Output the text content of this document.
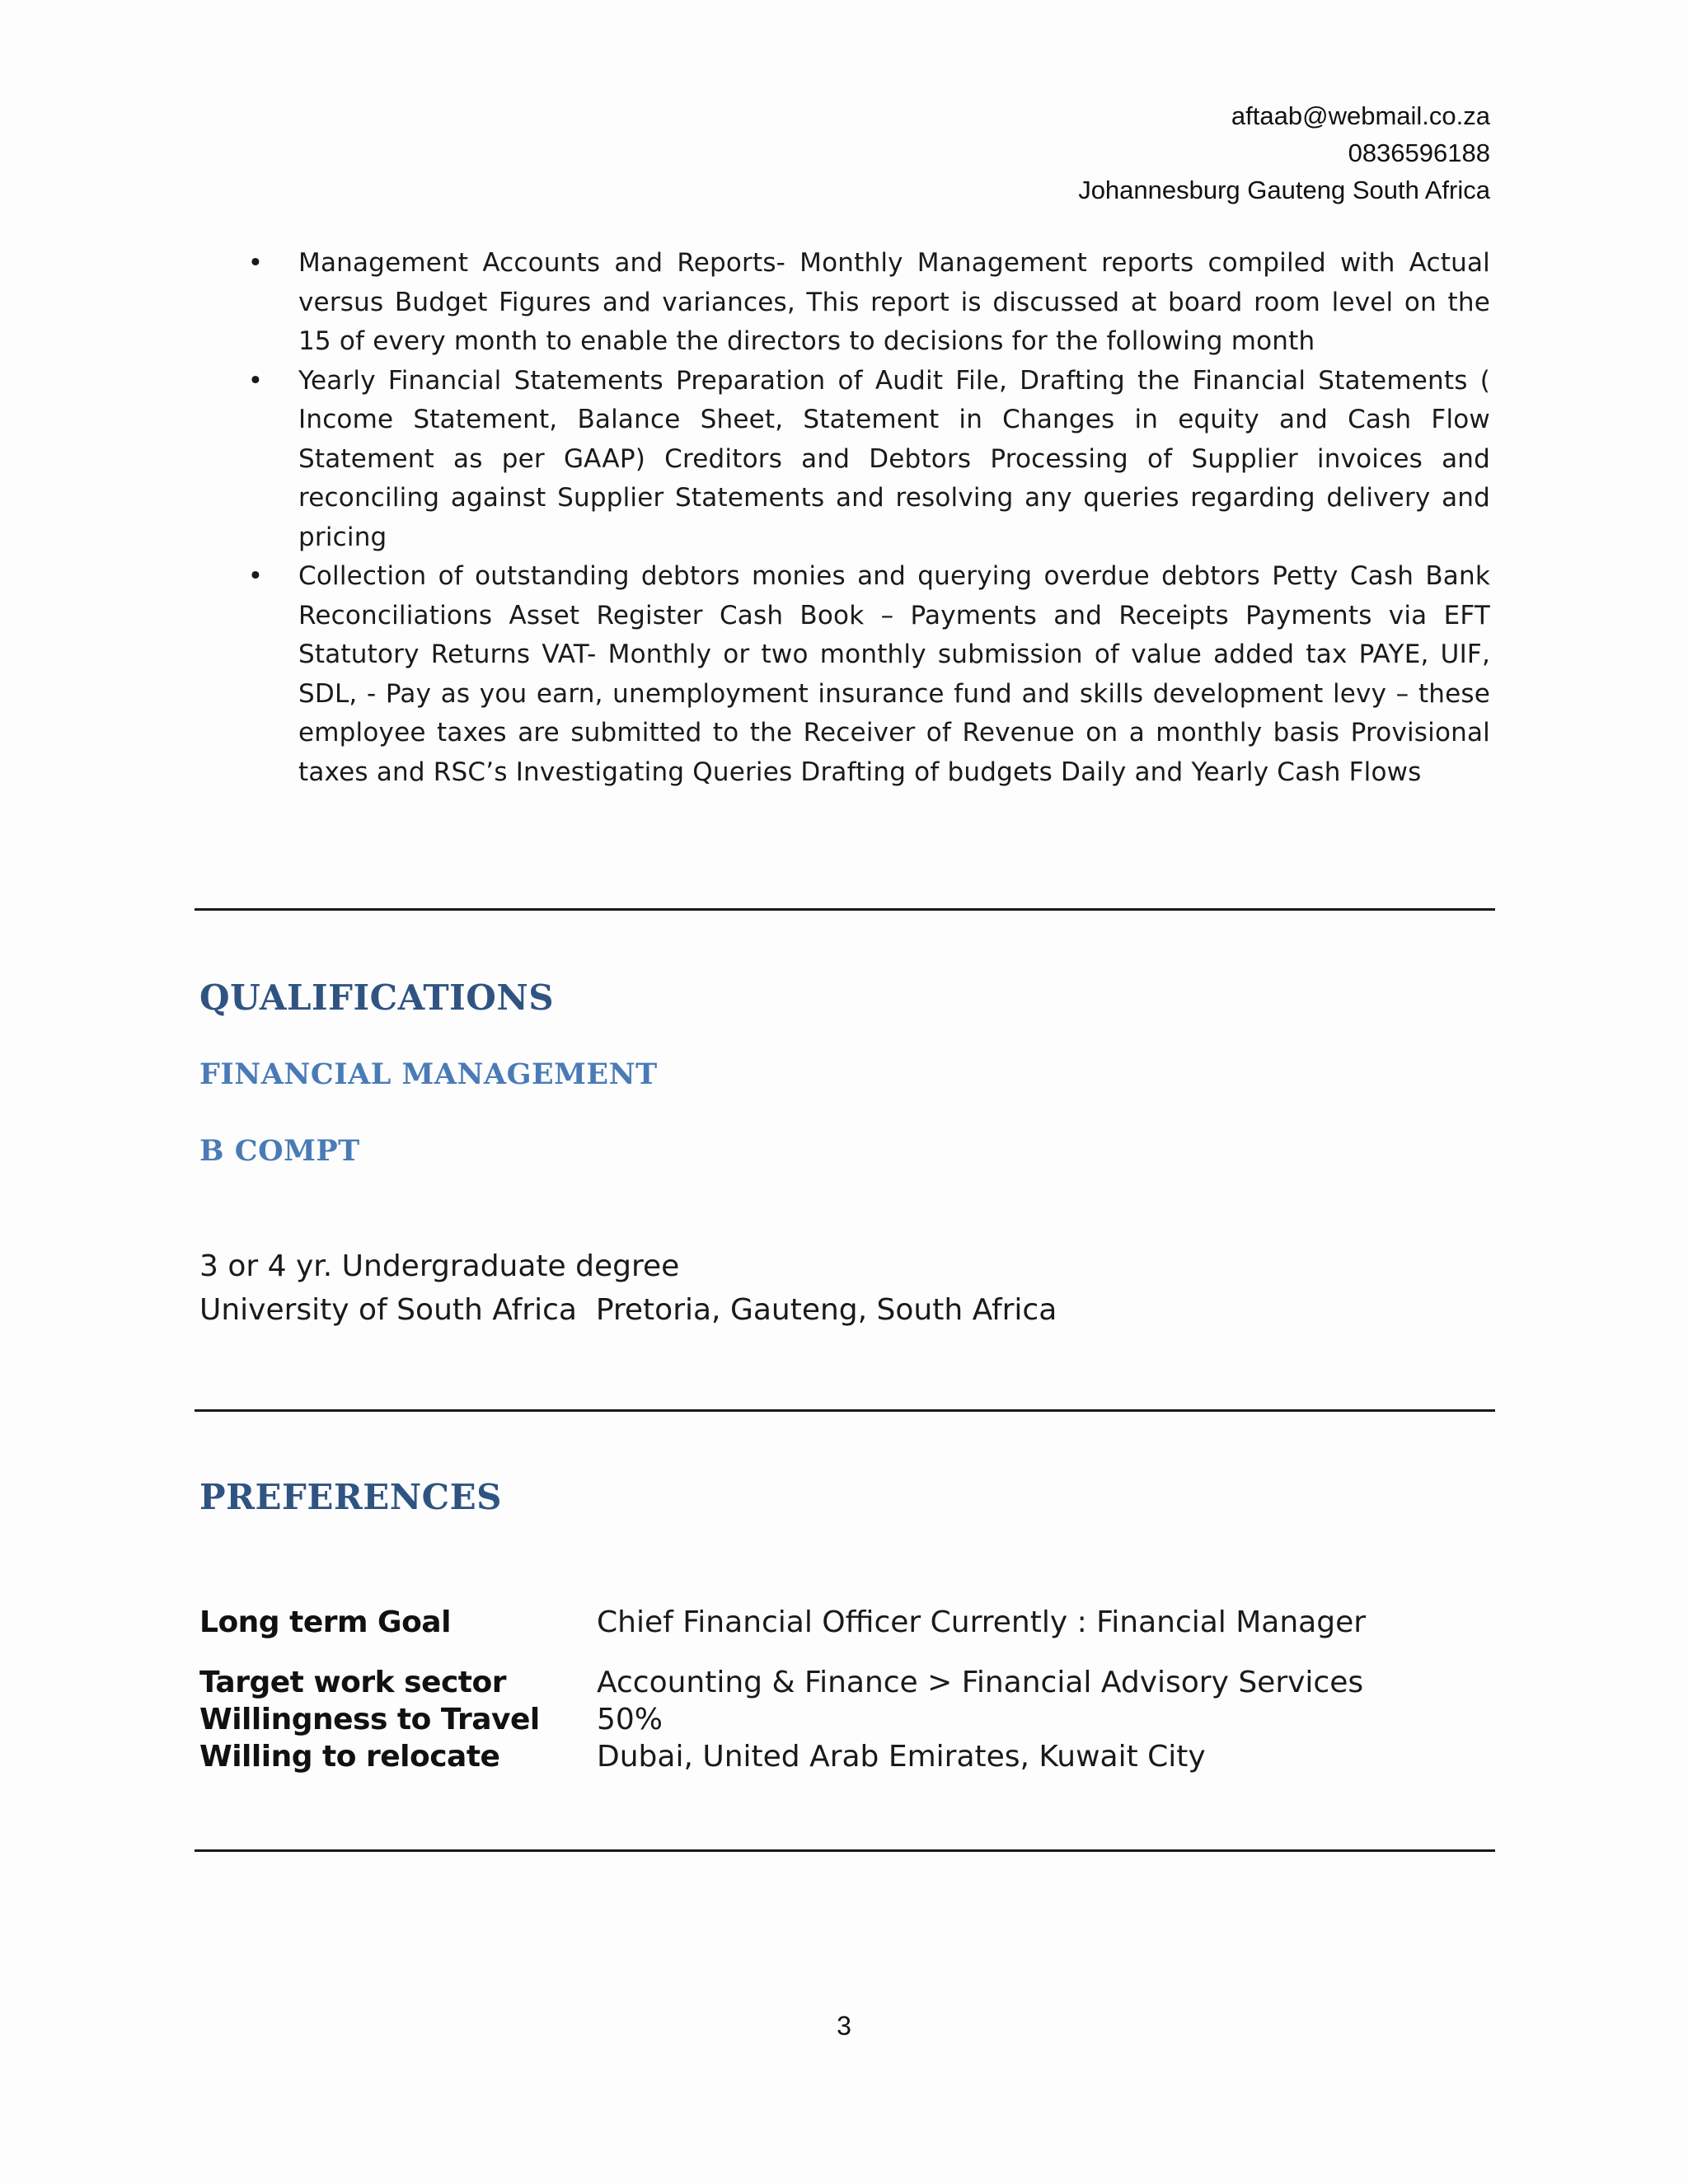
aftaab@webmail.co.za
0836596188
Johannesburg Gauteng South Africa
• Management Accounts and Reports- Monthly Management reports compiled with Actual versus Budget Figures and variances, This report is discussed at board room level on the 15 of every month to enable the directors to decisions for the following month
• Yearly Financial Statements Preparation of Audit File, Drafting the Financial Statements ( Income Statement, Balance Sheet, Statement in Changes in equity and Cash Flow Statement as per GAAP) Creditors and Debtors Processing of Supplier invoices and reconciling against Supplier Statements and resolving any queries regarding delivery and pricing
• Collection of outstanding debtors monies and querying overdue debtors Petty Cash Bank Reconciliations Asset Register Cash Book – Payments and Receipts Payments via EFT Statutory Returns VAT- Monthly or two monthly submission of value added tax PAYE, UIF, SDL, - Pay as you earn, unemployment insurance fund and skills development levy – these employee taxes are submitted to the Receiver of Revenue on a monthly basis Provisional taxes and RSC’s Investigating Queries Drafting of budgets Daily and Yearly Cash Flows
QUALIFICATIONS
FINANCIAL MANAGEMENT
B COMPT
3 or 4 yr. Undergraduate degree
University of South Africa  Pretoria, Gauteng, South Africa
PREFERENCES
Long term Goal	Chief Financial Officer Currently : Financial Manager
Target work sector	Accounting & Finance > Financial Advisory Services
Willingness to Travel 50%
Willing to relocate	Dubai, United Arab Emirates, Kuwait City
3
